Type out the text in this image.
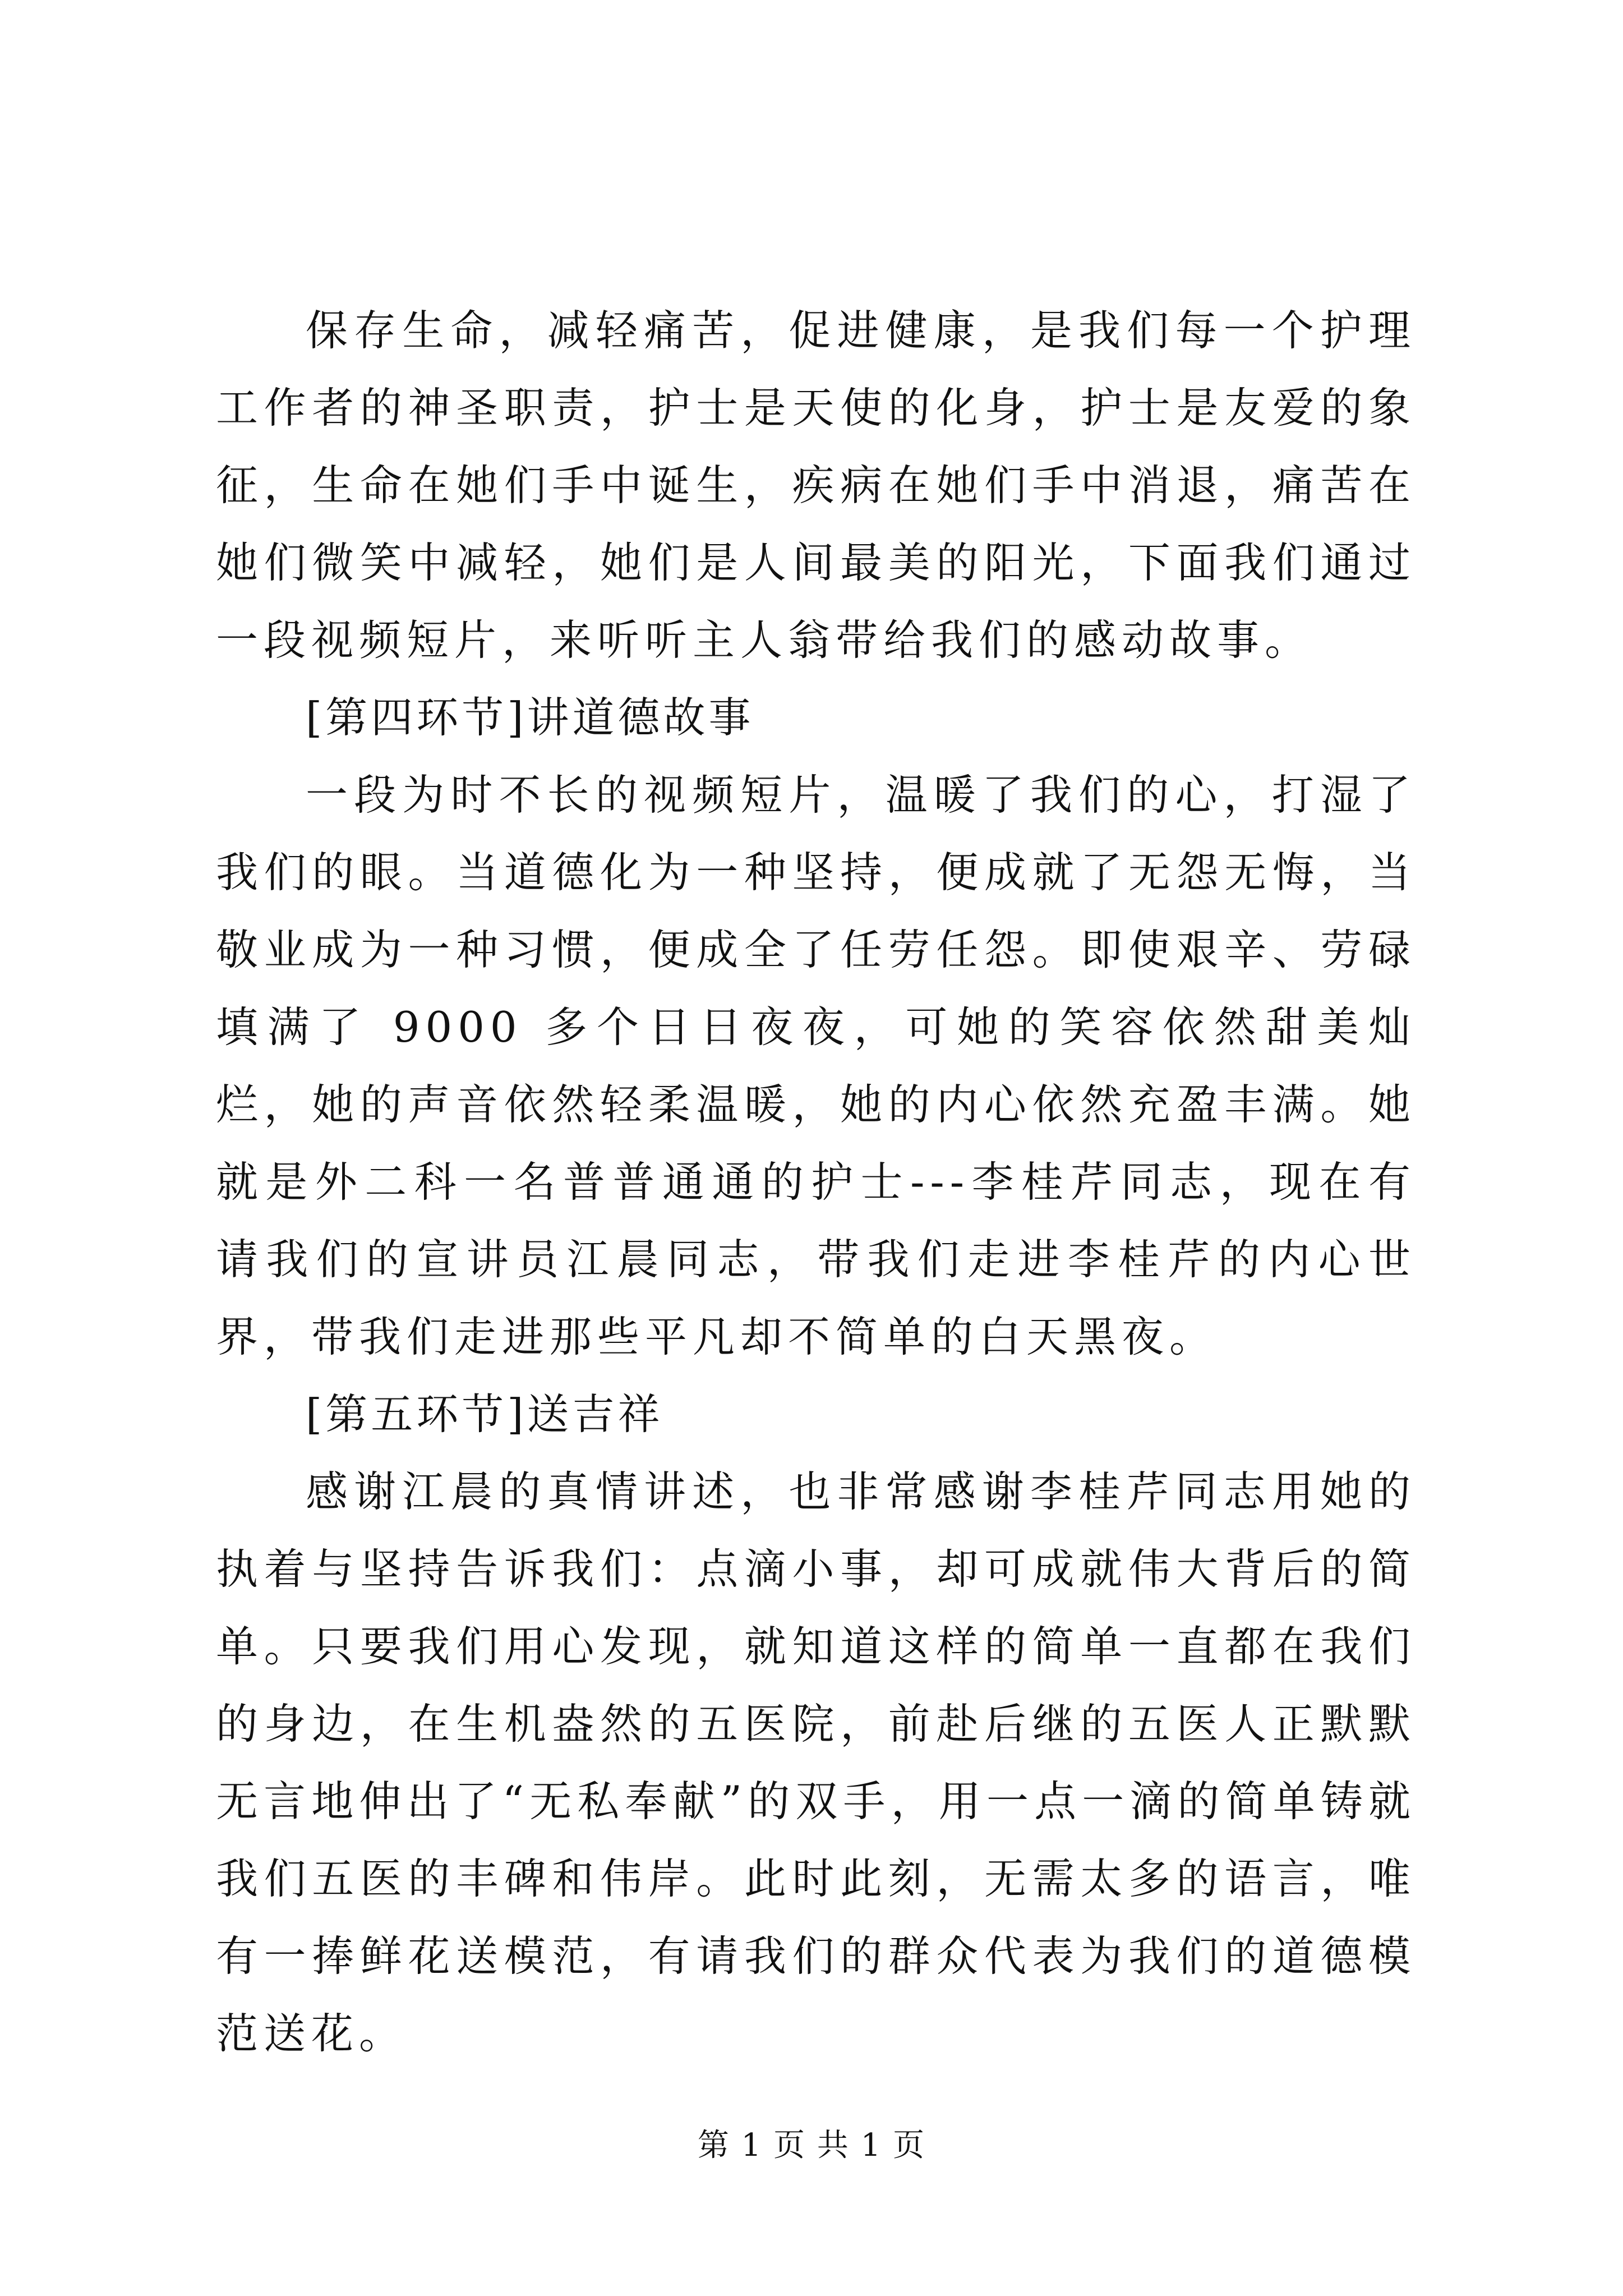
保存生命，减轻痛苦，促进健康，是我们每一个护理工作者的神圣职责，护士是天使的化身，护士是友爱的象征，生命在她们手中诞生，疾病在她们手中消退，痛苦在她们微笑中减轻，她们是人间最美的阳光，下面我们通过一段视频短片，来听听主人翁带给我们的感动故事。

[第四环节]讲道德故事

一段为时不长的视频短片，温暖了我们的心，打湿了我们的眼。当道德化为一种坚持，便成就了无怨无悔，当敬业成为一种习惯，便成全了任劳任怨。即使艰辛、劳碌填满了 9000 多个日日夜夜，可她的笑容依然甜美灿烂，她的声音依然轻柔温暖，她的内心依然充盈丰满。她就是外二科一名普普通通的护士---李桂芹同志，现在有请我们的宣讲员江晨同志，带我们走进李桂芹的内心世界，带我们走进那些平凡却不简单的白天黑夜。

[第五环节]送吉祥

感谢江晨的真情讲述，也非常感谢李桂芹同志用她的执着与坚持告诉我们：点滴小事，却可成就伟大背后的简单。只要我们用心发现，就知道这样的简单一直都在我们的身边，在生机盎然的五医院，前赴后继的五医人正默默无言地伸出了“无私奉献”的双手，用一点一滴的简单铸就我们五医的丰碑和伟岸。此时此刻，无需太多的语言，唯有一捧鲜花送模范，有请我们的群众代表为我们的道德模范送花。

第 1 页 共 1 页
